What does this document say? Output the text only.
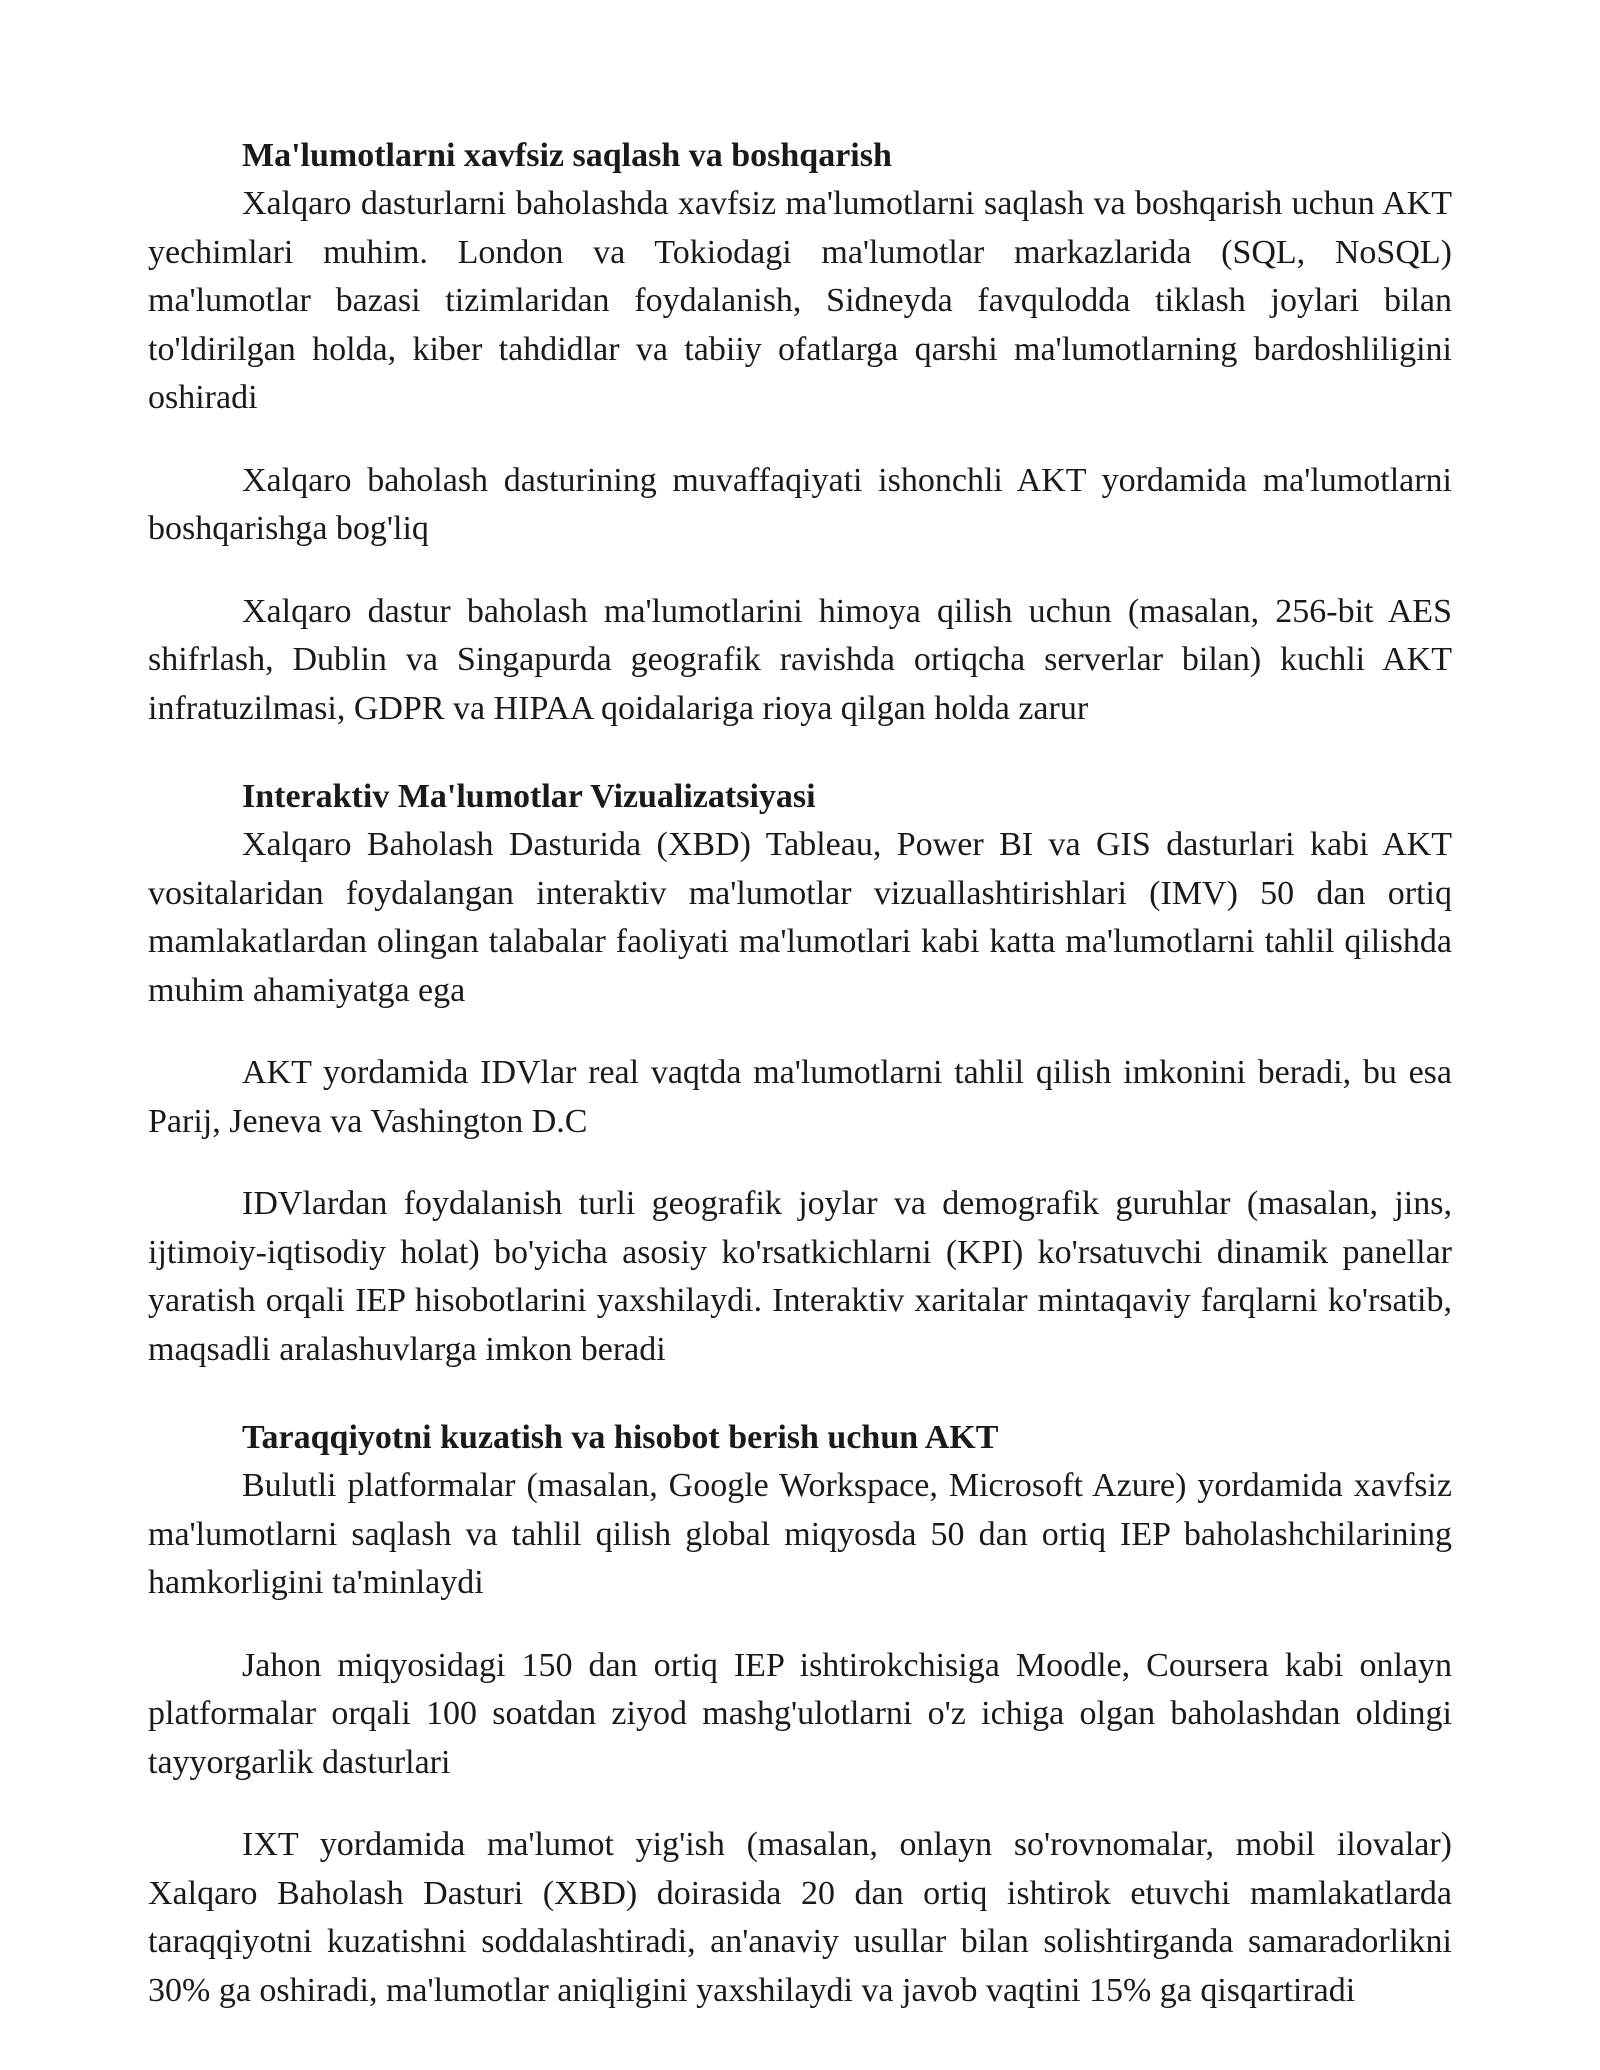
Ma'lumotlarni xavfsiz saqlash va boshqarish

Xalqaro dasturlarni baholashda xavfsiz ma'lumotlarni saqlash va boshqarish uchun AKT yechimlari muhim. London va Tokiodagi ma'lumotlar markazlarida (SQL, NoSQL) ma'lumotlar bazasi tizimlaridan foydalanish, Sidneyda favqulodda tiklash joylari bilan to'ldirilgan holda, kiber tahdidlar va tabiiy ofatlarga qarshi ma'lumotlarning bardoshliligini oshiradi

Xalqaro baholash dasturining muvaffaqiyati ishonchli AKT yordamida ma'lumotlarni boshqarishga bog'liq

Xalqaro dastur baholash ma'lumotlarini himoya qilish uchun (masalan, 256-bit AES shifrlash, Dublin va Singapurda geografik ravishda ortiqcha serverlar bilan) kuchli AKT infratuzilmasi, GDPR va HIPAA qoidalariga rioya qilgan holda zarur

Interaktiv Ma'lumotlar Vizualizatsiyasi

Xalqaro Baholash Dasturida (XBD) Tableau, Power BI va GIS dasturlari kabi AKT vositalaridan foydalangan interaktiv ma'lumotlar vizuallashtirishlari (IMV) 50 dan ortiq mamlakatlardan olingan talabalar faoliyati ma'lumotlari kabi katta ma'lumotlarni tahlil qilishda muhim ahamiyatga ega

AKT yordamida IDVlar real vaqtda ma'lumotlarni tahlil qilish imkonini beradi, bu esa Parij, Jeneva va Vashington D.C

IDVlardan foydalanish turli geografik joylar va demografik guruhlar (masalan, jins, ijtimoiy-iqtisodiy holat) bo'yicha asosiy ko'rsatkichlarni (KPI) ko'rsatuvchi dinamik panellar yaratish orqali IEP hisobotlarini yaxshilaydi. Interaktiv xaritalar mintaqaviy farqlarni ko'rsatib, maqsadli aralashuvlarga imkon beradi

Taraqqiyotni kuzatish va hisobot berish uchun AKT

Bulutli platformalar (masalan, Google Workspace, Microsoft Azure) yordamida xavfsiz ma'lumotlarni saqlash va tahlil qilish global miqyosda 50 dan ortiq IEP baholashchilarining hamkorligini ta'minlaydi

Jahon miqyosidagi 150 dan ortiq IEP ishtirokchisiga Moodle, Coursera kabi onlayn platformalar orqali 100 soatdan ziyod mashg'ulotlarni o'z ichiga olgan baholashdan oldingi tayyorgarlik dasturlari

IXT yordamida ma'lumot yig'ish (masalan, onlayn so'rovnomalar, mobil ilovalar) Xalqaro Baholash Dasturi (XBD) doirasida 20 dan ortiq ishtirok etuvchi mamlakatlarda taraqqiyotni kuzatishni soddalashtiradi, an'anaviy usullar bilan solishtirganda samaradorlikni 30% ga oshiradi, ma'lumotlar aniqligini yaxshilaydi va javob vaqtini 15% ga qisqartiradi
